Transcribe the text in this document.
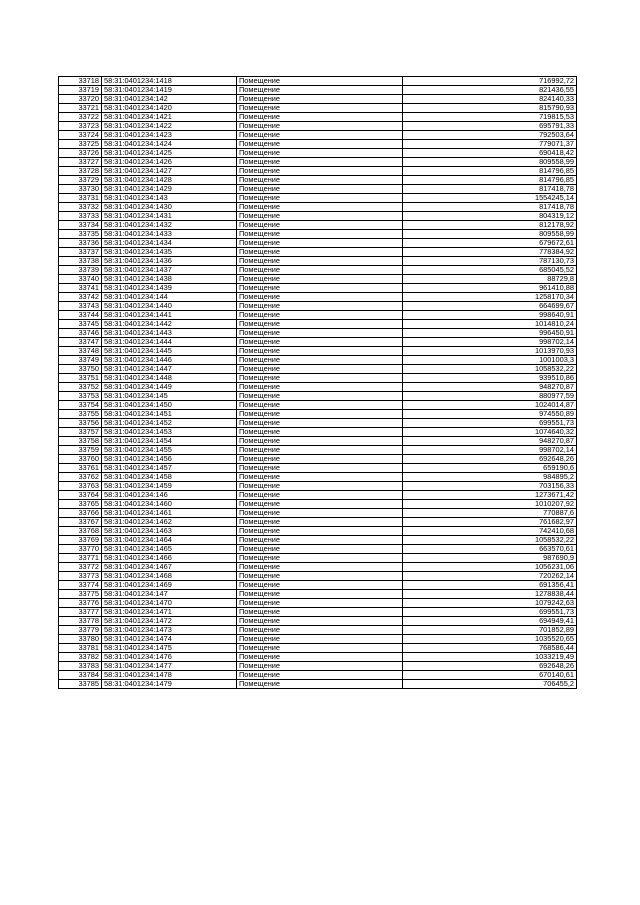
33718	58:31:0401234:1418	Помещение	716992,72
33719	58:31:0401234:1419	Помещение	821436,55
33720	58:31:0401234:142	Помещение	824140,33
33721	58:31:0401234:1420	Помещение	815790,93
33722	58:31:0401234:1421	Помещение	719815,53
33723	58:31:0401234:1422	Помещение	695791,33
33724	58:31:0401234:1423	Помещение	792503,64
33725	58:31:0401234:1424	Помещение	779071,37
33726	58:31:0401234:1425	Помещение	690418,42
33727	58:31:0401234:1426	Помещение	809558,99
33728	58:31:0401234:1427	Помещение	814796,85
33729	58:31:0401234:1428	Помещение	814796,85
33730	58:31:0401234:1429	Помещение	817418,78
33731	58:31:0401234:143	Помещение	1554245,14
33732	58:31:0401234:1430	Помещение	817418,78
33733	58:31:0401234:1431	Помещение	804319,12
33734	58:31:0401234:1432	Помещение	812178,92
33735	58:31:0401234:1433	Помещение	809558,99
33736	58:31:0401234:1434	Помещение	679672,61
33737	58:31:0401234:1435	Помещение	778384,92
33738	58:31:0401234:1436	Помещение	787130,73
33739	58:31:0401234:1437	Помещение	685045,52
33740	58:31:0401234:1438	Помещение	88729,8
33741	58:31:0401234:1439	Помещение	961410,88
33742	58:31:0401234:144	Помещение	1258170,34
33743	58:31:0401234:1440	Помещение	664699,67
33744	58:31:0401234:1441	Помещение	998640,91
33745	58:31:0401234:1442	Помещение	1014810,24
33746	58:31:0401234:1443	Помещение	996450,91
33747	58:31:0401234:1444	Помещение	998702,14
33748	58:31:0401234:1445	Помещение	1013970,93
33749	58:31:0401234:1446	Помещение	1001003,3
33750	58:31:0401234:1447	Помещение	1058532,22
33751	58:31:0401234:1448	Помещение	939510,86
33752	58:31:0401234:1449	Помещение	948270,87
33753	58:31:0401234:145	Помещение	880977,59
33754	58:31:0401234:1450	Помещение	1024014,87
33755	58:31:0401234:1451	Помещение	974550,89
33756	58:31:0401234:1452	Помещение	699551,73
33757	58:31:0401234:1453	Помещение	1074640,32
33758	58:31:0401234:1454	Помещение	948270,87
33759	58:31:0401234:1455	Помещение	998702,14
33760	58:31:0401234:1456	Помещение	692648,26
33761	58:31:0401234:1457	Помещение	659190,6
33762	58:31:0401234:1458	Помещение	984895,2
33763	58:31:0401234:1459	Помещение	703156,33
33764	58:31:0401234:146	Помещение	1273671,42
33765	58:31:0401234:1460	Помещение	1010207,92
33766	58:31:0401234:1461	Помещение	770887,6
33767	58:31:0401234:1462	Помещение	761682,97
33768	58:31:0401234:1463	Помещение	742410,68
33769	58:31:0401234:1464	Помещение	1058532,22
33770	58:31:0401234:1465	Помещение	663570,61
33771	58:31:0401234:1466	Помещение	987690,9
33772	58:31:0401234:1467	Помещение	1056231,06
33773	58:31:0401234:1468	Помещение	720262,14
33774	58:31:0401234:1469	Помещение	691356,41
33775	58:31:0401234:147	Помещение	1278838,44
33776	58:31:0401234:1470	Помещение	1079242,63
33777	58:31:0401234:1471	Помещение	699551,73
33778	58:31:0401234:1472	Помещение	694949,41
33779	58:31:0401234:1473	Помещение	701852,89
33780	58:31:0401234:1474	Помещение	1035520,65
33781	58:31:0401234:1475	Помещение	768586,44
33782	58:31:0401234:1476	Помещение	1033219,49
33783	58:31:0401234:1477	Помещение	692648,26
33784	58:31:0401234:1478	Помещение	670140,61
33785	58:31:0401234:1479	Помещение	706455,2
